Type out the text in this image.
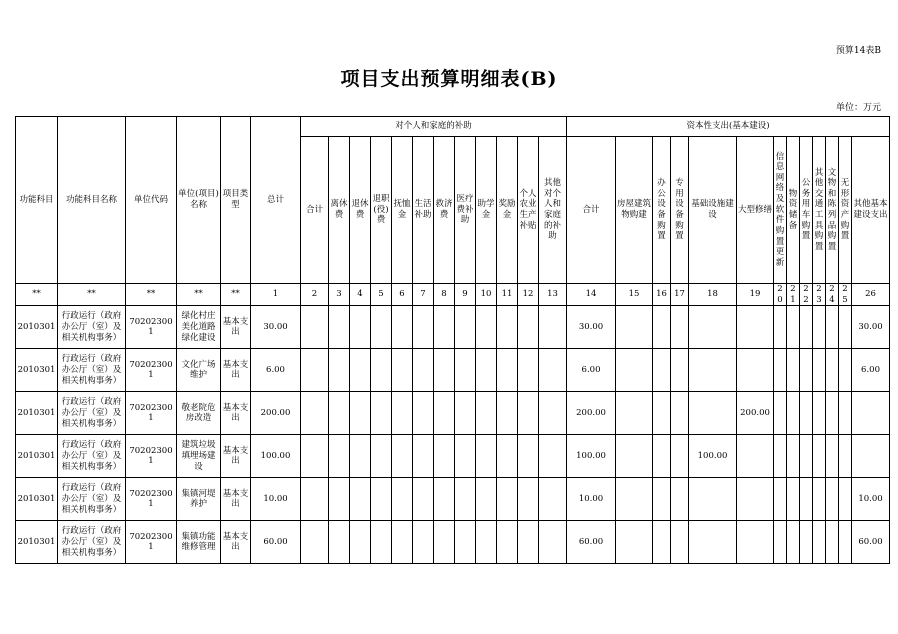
预算14表B
项目支出预算明细表(B)
单位：万元
功能科目	功能科目名称	单位代码	单位(项目)名称	项目类型	总计	对个人和家庭的补助												资本性支出(基本建设)												
						合计	离休费	退休费	退职(役)费	抚恤金	生活补助	救济费	医疗费补助	助学金	奖励金	个人农业生产补贴	其他对个人和家庭的补助	合计	房屋建筑物购建	办公设备购置	专用设备购置	基础设施建设	大型修缮	信息网络及软件购置更新	物资储备	公务用车购置	其他交通工具购置	文物和陈列品购置	无形资产购置	其他基本建设支出
**	**	**	**	**	1	2	3	4	5	6	7	8	9	10	11	12	13	14	15	16	17	18	19	20	21	22	23	24	25	26
2010301	行政运行（政府办公厅（室）及相关机构事务）	702023001	绿化村庄美化道路绿化建设	基本支出	30.00													30.00												30.00
2010301	行政运行（政府办公厅（室）及相关机构事务）	702023001	文化广场维护	基本支出	6.00													6.00												6.00
2010301	行政运行（政府办公厅（室）及相关机构事务）	702023001	敬老院危房改造	基本支出	200.00													200.00					200.00							
2010301	行政运行（政府办公厅（室）及相关机构事务）	702023001	建筑垃圾填埋场建设	基本支出	100.00													100.00				100.00								
2010301	行政运行（政府办公厅（室）及相关机构事务）	702023001	集镇河堤养护	基本支出	10.00													10.00												10.00
2010301	行政运行（政府办公厅（室）及相关机构事务）	702023001	集镇功能维修管理	基本支出	60.00													60.00												60.00
